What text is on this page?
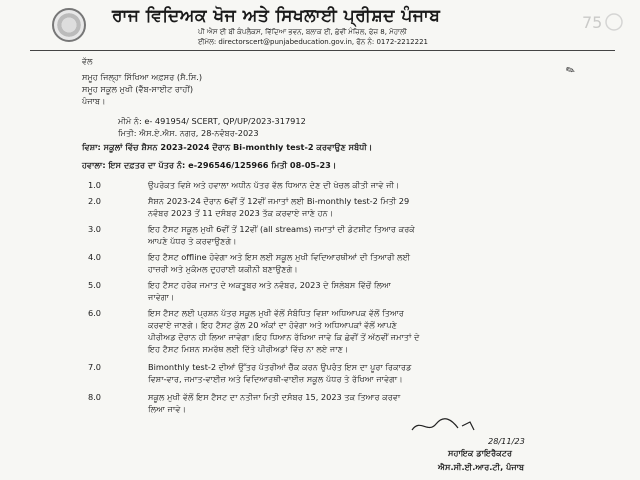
75
ਰਾਜ ਵਿਦਿਅਕ ਖੋਜ ਅਤੇ ਸਿਖਲਾਈ ਪ੍ਰੀਸ਼ਦ ਪੰਜਾਬ
ਪੀ ਐਸ ਈ ਬੀ ਕੰਪਲੈਕਸ, ਵਿੱਦਿਆ ਭਵਨ, ਬਲਾਕ ਈ, ਛੇਵੀਂ ਮੰਜ਼ਿਲ, ਫੇਜ਼ 8, ਮੋਹਾਲੀ
ਈਮੇਲ: directorscert@punjabeducation.gov.in, ਫੋਨ ਨੰ: 0172-2212221
✎
ਵੱਲ
ਸਮੂਹ ਜਿਲ੍ਹਾ ਸਿੱਖਿਆ ਅਫ਼ਸਰ (ਸੈ.ਸਿ.)
ਸਮੂਹ ਸਕੂਲ ਮੁਖੀ (ਵੈੱਬ-ਸਾਈਟ ਰਾਹੀਂ)
ਪੰਜਾਬ।
ਮੀਮੋ ਨੰ: e- 491954/ SCERT, QP/UP/2023-317912
ਮਿਤੀ: ਐਸ.ਏ.ਐਸ. ਨਗਰ, 28-ਨਵੰਬਰ-2023
ਵਿਸ਼ਾ: ਸਕੂਲਾਂ ਵਿੱਚ ਸ਼ੈਸਨ 2023-2024 ਦੌਰਾਨ Bi-monthly test-2 ਕਰਵਾਉਣ ਸਬੰਧੀ।
ਹਵਾਲਾ: ਇਸ ਦਫ਼ਤਰ ਦਾ ਪੱਤਰ ਨੰ: e-296546/125966 ਮਿਤੀ 08-05-23।
1.0	ਉਪਰੋਕਤ ਵਿਸ਼ੇ ਅਤੇ ਹਵਾਲਾ ਅਧੀਨ ਪੱਤਰ ਵੱਲ ਧਿਆਨ ਦੇਣ ਦੀ ਖੇਚਲ ਕੀਤੀ ਜਾਵੇ ਜੀ।
2.0	ਸੈਸ਼ਨ 2023-24 ਦੌਰਾਨ 6ਵੀਂ ਤੋਂ 12ਵੀਂ ਜਮਾਤਾਂ ਲਈ Bi-monthly test-2 ਮਿਤੀ 29
ਨਵੰਬਰ 2023 ਤੋਂ 11 ਦਸੰਬਰ 2023 ਤੱਕ ਕਰਵਾਏ ਜਾਣੇ ਹਨ।
3.0	ਇਹ ਟੈਸਟ ਸਕੂਲ ਮੁਖੀ 6ਵੀਂ ਤੋਂ 12ਵੀਂ (all streams) ਜਮਾਤਾਂ ਦੀ ਡੇਟਸ਼ੀਟ ਤਿਆਰ ਕਰਕੇ
ਆਪਣੇ ਪੱਧਰ ਤੇ ਕਰਵਾਉਣਗੇ।
4.0	ਇਹ ਟੈਸਟ offline ਹੋਵੇਗਾ ਅਤੇ ਇਸ ਲਈ ਸਕੂਲ ਮੁਖੀ ਵਿਦਿਆਰਥੀਆਂ ਦੀ ਤਿਆਰੀ ਲਈ
ਹਾਜ਼ਰੀ ਅਤੇ ਮੁਕੰਮਲ ਦੁਹਰਾਈ ਯਕੀਨੀ ਬਣਾਉਣਗੇ।
5.0	ਇਹ ਟੈਸਟ ਹਰੇਕ ਜਮਾਤ ਦੇ ਅਕਤੂਬਰ ਅਤੇ ਨਵੰਬਰ, 2023 ਦੇ ਸਿਲੇਬਸ ਵਿੱਚੋਂ ਲਿਆ
ਜਾਵੇਗਾ।
6.0	ਇਸ ਟੈਸਟ ਲਈ ਪ੍ਰਸ਼ਨ ਪੱਤਰ ਸਕੂਲ ਮੁਖੀ ਵੱਲੋਂ ਸੰਬੰਧਿਤ ਵਿਸ਼ਾ ਅਧਿਆਪਕ ਵੱਲੋਂ ਤਿਆਰ
ਕਰਵਾਏ ਜਾਣਗੇ। ਇਹ ਟੈਸਟ ਕੁੱਲ 20 ਅੰਕਾਂ ਦਾ ਹੋਵੇਗਾ ਅਤੇ ਅਧਿਆਪਕਾਂ ਵੱਲੋਂ ਆਪਣੇ
ਪੀਰੀਅਡ ਦੌਰਾਨ ਹੀ ਲਿਆ ਜਾਵੇਗਾ।ਇਹ ਧਿਆਨ ਰੱਖਿਆ ਜਾਵੇ ਕਿ ਛੇਵੀਂ ਤੋਂ ਅੱਠਵੀਂ ਜਮਾਤਾਂ ਦੇ
ਇਹ ਟੈਸਟ ਮਿਸ਼ਨ ਸਮਰੱਥ ਲਈ ਦਿੱਤੇ ਪੀਰੀਅਡਾਂ ਵਿੱਚ ਨਾ ਲਏ ਜਾਣ।
7.0	Bimonthly test-2 ਦੀਆਂ ਉੱਤਰ ਪੱਤਰੀਆਂ ਚੈੱਕ ਕਰਨ ਉਪਰੰਤ ਇਸ ਦਾ ਪੂਰਾ ਰਿਕਾਰਡ
ਵਿਸ਼ਾ-ਵਾਰ, ਜਮਾਤ-ਵਾਈਜ਼ ਅਤੇ ਵਿਦਿਆਰਥੀ-ਵਾਈਜ਼ ਸਕੂਲ ਪੱਧਰ ਤੇ ਰੱਖਿਆ ਜਾਵੇਗਾ।
8.0	ਸਕੂਲ ਮੁਖੀ ਵੱਲੋਂ ਇਸ ਟੈਸਟ ਦਾ ਨਤੀਜਾ ਮਿਤੀ ਦਸੰਬਰ 15, 2023 ਤਕ ਤਿਆਰ ਕਰਵਾ
ਲਿਆ ਜਾਵੇ।
28/11/23
ਸਹਾਇਕ ਡਾਇਰੈਕਟਰ
ਐਸ.ਸੀ.ਈ.ਆਰ.ਟੀ, ਪੰਜਾਬ
